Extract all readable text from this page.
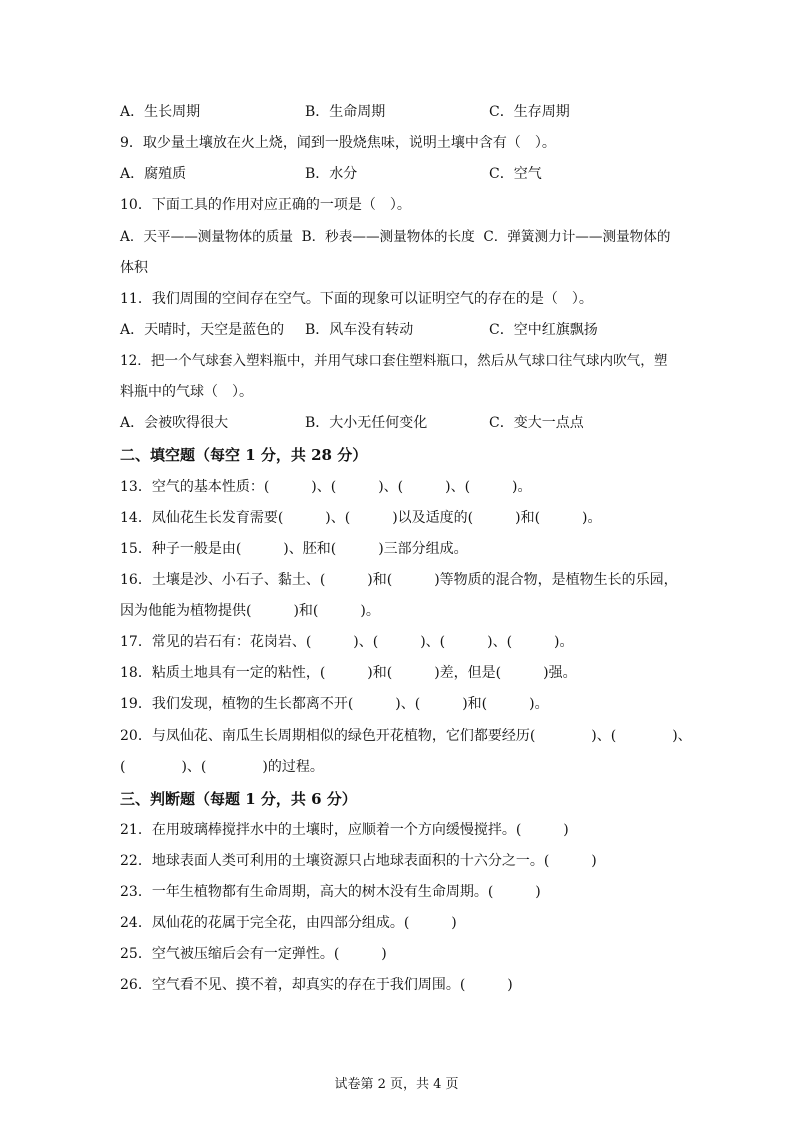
A．生长周期	B．生命周期	C．生存周期
9．取少量土壤放在火上烧，闻到一股烧焦味，说明土壤中含有（　）。
A．腐殖质	B．水分	C．空气
10．下面工具的作用对应正确的一项是（　）。
A．天平——测量物体的质量  B．秒表——测量物体的长度  C．弹簧测力计——测量物体的
体积
11．我们周围的空间存在空气。下面的现象可以证明空气的存在的是（　）。
A．天晴时，天空是蓝色的 B．风车没有转动	C．空中红旗飘扬
12．把一个气球套入塑料瓶中，并用气球口套住塑料瓶口，然后从气球口往气球内吹气，塑
料瓶中的气球（　）。
A．会被吹得很大	B．大小无任何变化	C．变大一点点
二、填空题（每空 1 分，共 28 分）
13．空气的基本性质：(　　　)、(　　　)、(　　　)、(　　　)。
14．凤仙花生长发育需要(　　　)、(　　　)以及适度的(　　　)和(　　　)。
15．种子一般是由(　　　)、胚和(　　　)三部分组成。
16．土壤是沙、小石子、黏土、(　　　)和(　　　)等物质的混合物，是植物生长的乐园，
因为他能为植物提供(　　　)和(　　　)。
17．常见的岩石有：花岗岩、(　　　)、(　　　)、(　　　)、(　　　)。
18．粘质土地具有一定的粘性，(　　　)和(　　　)差，但是(　　　)强。
19．我们发现，植物的生长都离不开(　　　)、(　　　)和(　　　)。
20．与凤仙花、南瓜生长周期相似的绿色开花植物，它们都要经历(　　　　)、(　　　　)、
(　　　　)、(　　　　)的过程。
三、判断题（每题 1 分，共 6 分）
21．在用玻璃棒搅拌水中的土壤时，应顺着一个方向缓慢搅拌。(　　　)
22．地球表面人类可利用的土壤资源只占地球表面积的十六分之一。(　　　)
23．一年生植物都有生命周期，高大的树木没有生命周期。(　　　)
24．凤仙花的花属于完全花，由四部分组成。(　　　)
25．空气被压缩后会有一定弹性。(　　　)
26．空气看不见、摸不着，却真实的存在于我们周围。(　　　)
试卷第 2 页，共 4 页
